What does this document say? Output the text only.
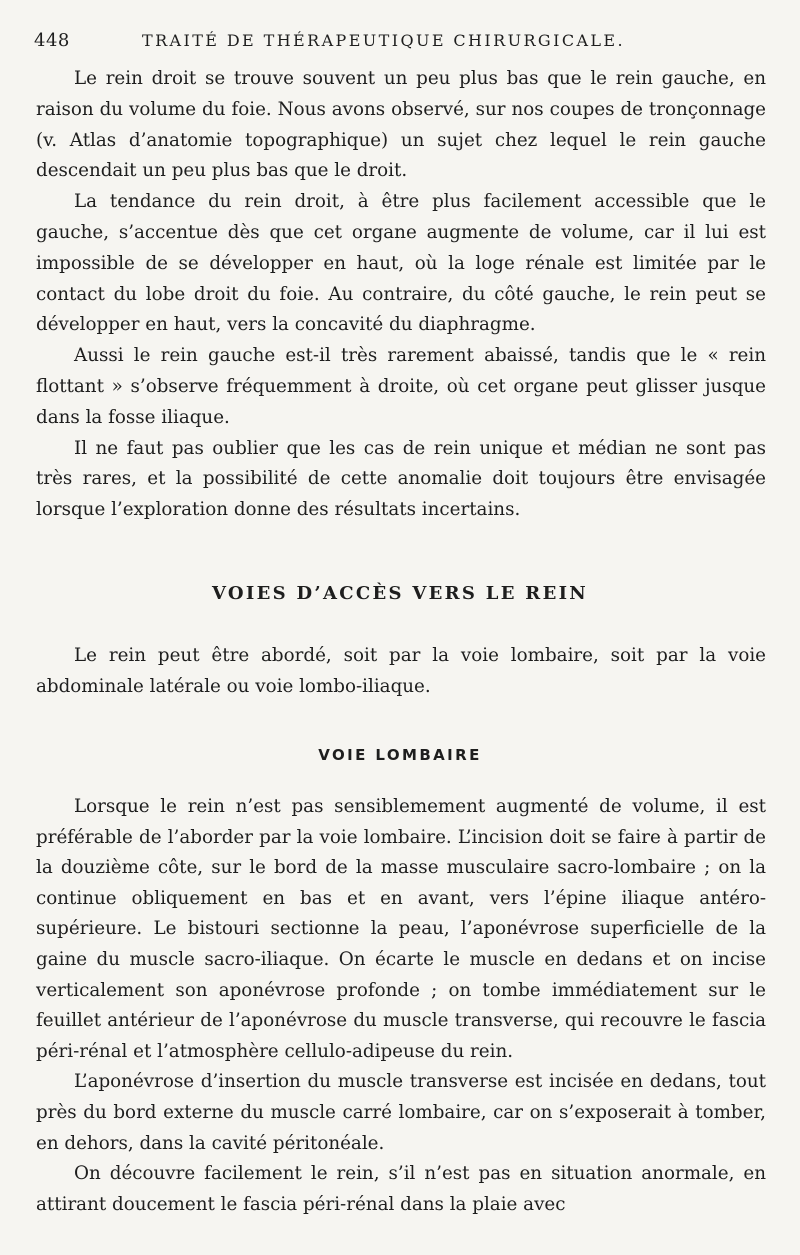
448	TRAITÉ DE THÉRAPEUTIQUE CHIRURGICALE.

Le rein droit se trouve souvent un peu plus bas que le rein gauche, en raison du volume du foie. Nous avons observé, sur nos coupes de tronçonnage (v. Atlas d’anatomie topographique) un sujet chez lequel le rein gauche descendait un peu plus bas que le droit.

La tendance du rein droit, à être plus facilement accessible que le gauche, s’accentue dès que cet organe augmente de volume, car il lui est impossible de se développer en haut, où la loge rénale est limitée par le contact du lobe droit du foie. Au contraire, du côté gauche, le rein peut se développer en haut, vers la concavité du diaphragme.

Aussi le rein gauche est-il très rarement abaissé, tandis que le « rein flottant » s’observe fréquemment à droite, où cet organe peut glisser jusque dans la fosse iliaque.

Il ne faut pas oublier que les cas de rein unique et médian ne sont pas très rares, et la possibilité de cette anomalie doit toujours être envisagée lorsque l’exploration donne des résultats incertains.

VOIES D’ACCÈS VERS LE REIN

Le rein peut être abordé, soit par la voie lombaire, soit par la voie abdominale latérale ou voie lombo-iliaque.

VOIE LOMBAIRE

Lorsque le rein n’est pas sensiblemement augmenté de volume, il est préférable de l’aborder par la voie lombaire. L’incision doit se faire à partir de la douzième côte, sur le bord de la masse musculaire sacro-lombaire ; on la continue obliquement en bas et en avant, vers l’épine iliaque antéro-supérieure. Le bistouri sectionne la peau, l’aponévrose superficielle de la gaine du muscle sacro-iliaque. On écarte le muscle en dedans et on incise verticalement son aponévrose profonde ; on tombe immédiatement sur le feuillet antérieur de l’aponévrose du muscle transverse, qui recouvre le fascia péri-rénal et l’atmosphère cellulo-adipeuse du rein.

L’aponévrose d’insertion du muscle transverse est incisée en dedans, tout près du bord externe du muscle carré lombaire, car on s’exposerait à tomber, en dehors, dans la cavité péritonéale.

On découvre facilement le rein, s’il n’est pas en situation anormale, en attirant doucement le fascia péri-rénal dans la plaie avec
